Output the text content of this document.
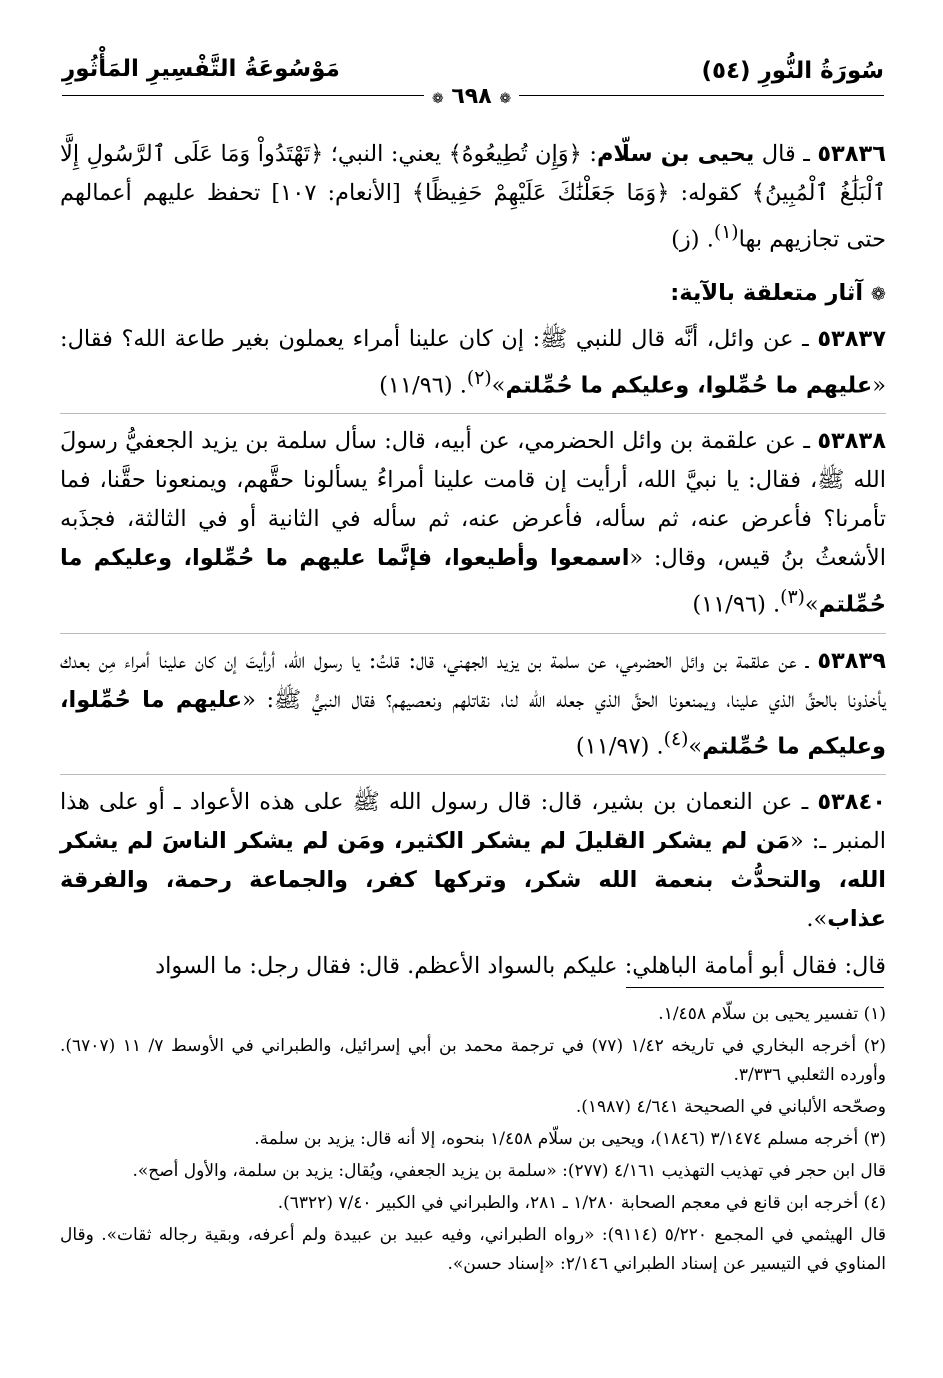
سُورَةُ النُّورِ (٥٤)
مَوْسُوعَةُ التَّفْسِيرِ المَأْثُورِ
❁ ٦٩٨ ❁

٥٣٨٣٦ ـ قال يحيى بن سلّام: ﴿وَإِن تُطِيعُوهُ﴾ يعني: النبي؛ ﴿تَهْتَدُواْ وَمَا عَلَى ٱلرَّسُولِ إِلَّا ٱلْبَلَٰغُ ٱلْمُبِينُ﴾ كقوله: ﴿وَمَا جَعَلْنَٰكَ عَلَيْهِمْ حَفِيظًا﴾ [الأنعام: ١٠٧] تحفظ عليهم أعمالهم حتى تجازيهم بها$^{(١)}$. (ز)

❁ آثار متعلقة بالآية:

٥٣٨٣٧ ـ عن وائل، أنَّه قال للنبي ﷺ: إن كان علينا أمراء يعملون بغير طاعة الله؟ فقال: «عليهم ما حُمِّلوا، وعليكم ما حُمِّلتم»$^{(٢)}$. (١١/٩٦)

٥٣٨٣٨ ـ عن علقمة بن وائل الحضرمي، عن أبيه، قال: سأل سلمة بن يزيد الجعفيُّ رسولَ الله ﷺ، فقال: يا نبيَّ الله، أرأيت إن قامت علينا أمراءُ يسألونا حقَّهم، ويمنعونا حقَّنا، فما تأمرنا؟ فأعرض عنه، ثم سأله، فأعرض عنه، ثم سأله في الثانية أو في الثالثة، فجذَبه الأشعثُ بنُ قيس، وقال: «اسمعوا وأطيعوا، فإنَّما عليهم ما حُمِّلوا، وعليكم ما حُمِّلتم»$^{(٣)}$. (١١/٩٦)

٥٣٨٣٩ ـ عن علقمة بن وائل الحضرمي، عن سلمة بن يزيد الجهني، قال: قلتُ: يا رسول الله، أرأيتَ إن كان علينا أمراء مِن بعدك يأخذونا بالحقِّ الذي علينا، ويمنعونا الحقَّ الذي جعله الله لنا، نقاتلهم ونعصيهم؟ فقال النبيُّ ﷺ: «عليهم ما حُمِّلوا، وعليكم ما حُمِّلتم»$^{(٤)}$. (١١/٩٧)

٥٣٨٤٠ ـ عن النعمان بن بشير، قال: قال رسول الله ﷺ على هذه الأعواد ـ أو على هذا المنبر ـ: «مَن لم يشكر القليلَ لم يشكر الكثير، ومَن لم يشكر الناسَ لم يشكر الله، والتحدُّث بنعمة الله شكر، وتركها كفر، والجماعة رحمة، والفرقة عذاب».

قال: فقال أبو أمامة الباهلي: عليكم بالسواد الأعظم. قال: فقال رجل: ما السواد

(١) تفسير يحيى بن سلّام ١/٤٥٨.

(٢) أخرجه البخاري في تاريخه ١/٤٢ (٧٧) في ترجمة محمد بن أبي إسرائيل، والطبراني في الأوسط ٧/ ١١ (٦٧٠٧). وأورده الثعلبي ٣/٣٣٦.

وصحّحه الألباني في الصحيحة ٤/٦٤١ (١٩٨٧).

(٣) أخرجه مسلم ٣/١٤٧٤ (١٨٤٦)، ويحيى بن سلّام ١/٤٥٨ بنحوه، إلا أنه قال: يزيد بن سلمة.

قال ابن حجر في تهذيب التهذيب ٤/١٦١ (٢٧٧): «سلمة بن يزيد الجعفي، ويُقال: يزيد بن سلمة، والأول أصح».

(٤) أخرجه ابن قانع في معجم الصحابة ١/٢٨٠ ـ ٢٨١، والطبراني في الكبير ٧/٤٠ (٦٣٢٢).

قال الهيثمي في المجمع ٥/٢٢٠ (٩١١٤): «رواه الطبراني، وفيه عبيد بن عبيدة ولم أعرفه، وبقية رجاله ثقات». وقال المناوي في التيسير عن إسناد الطبراني ٢/١٤٦: «إسناد حسن».
